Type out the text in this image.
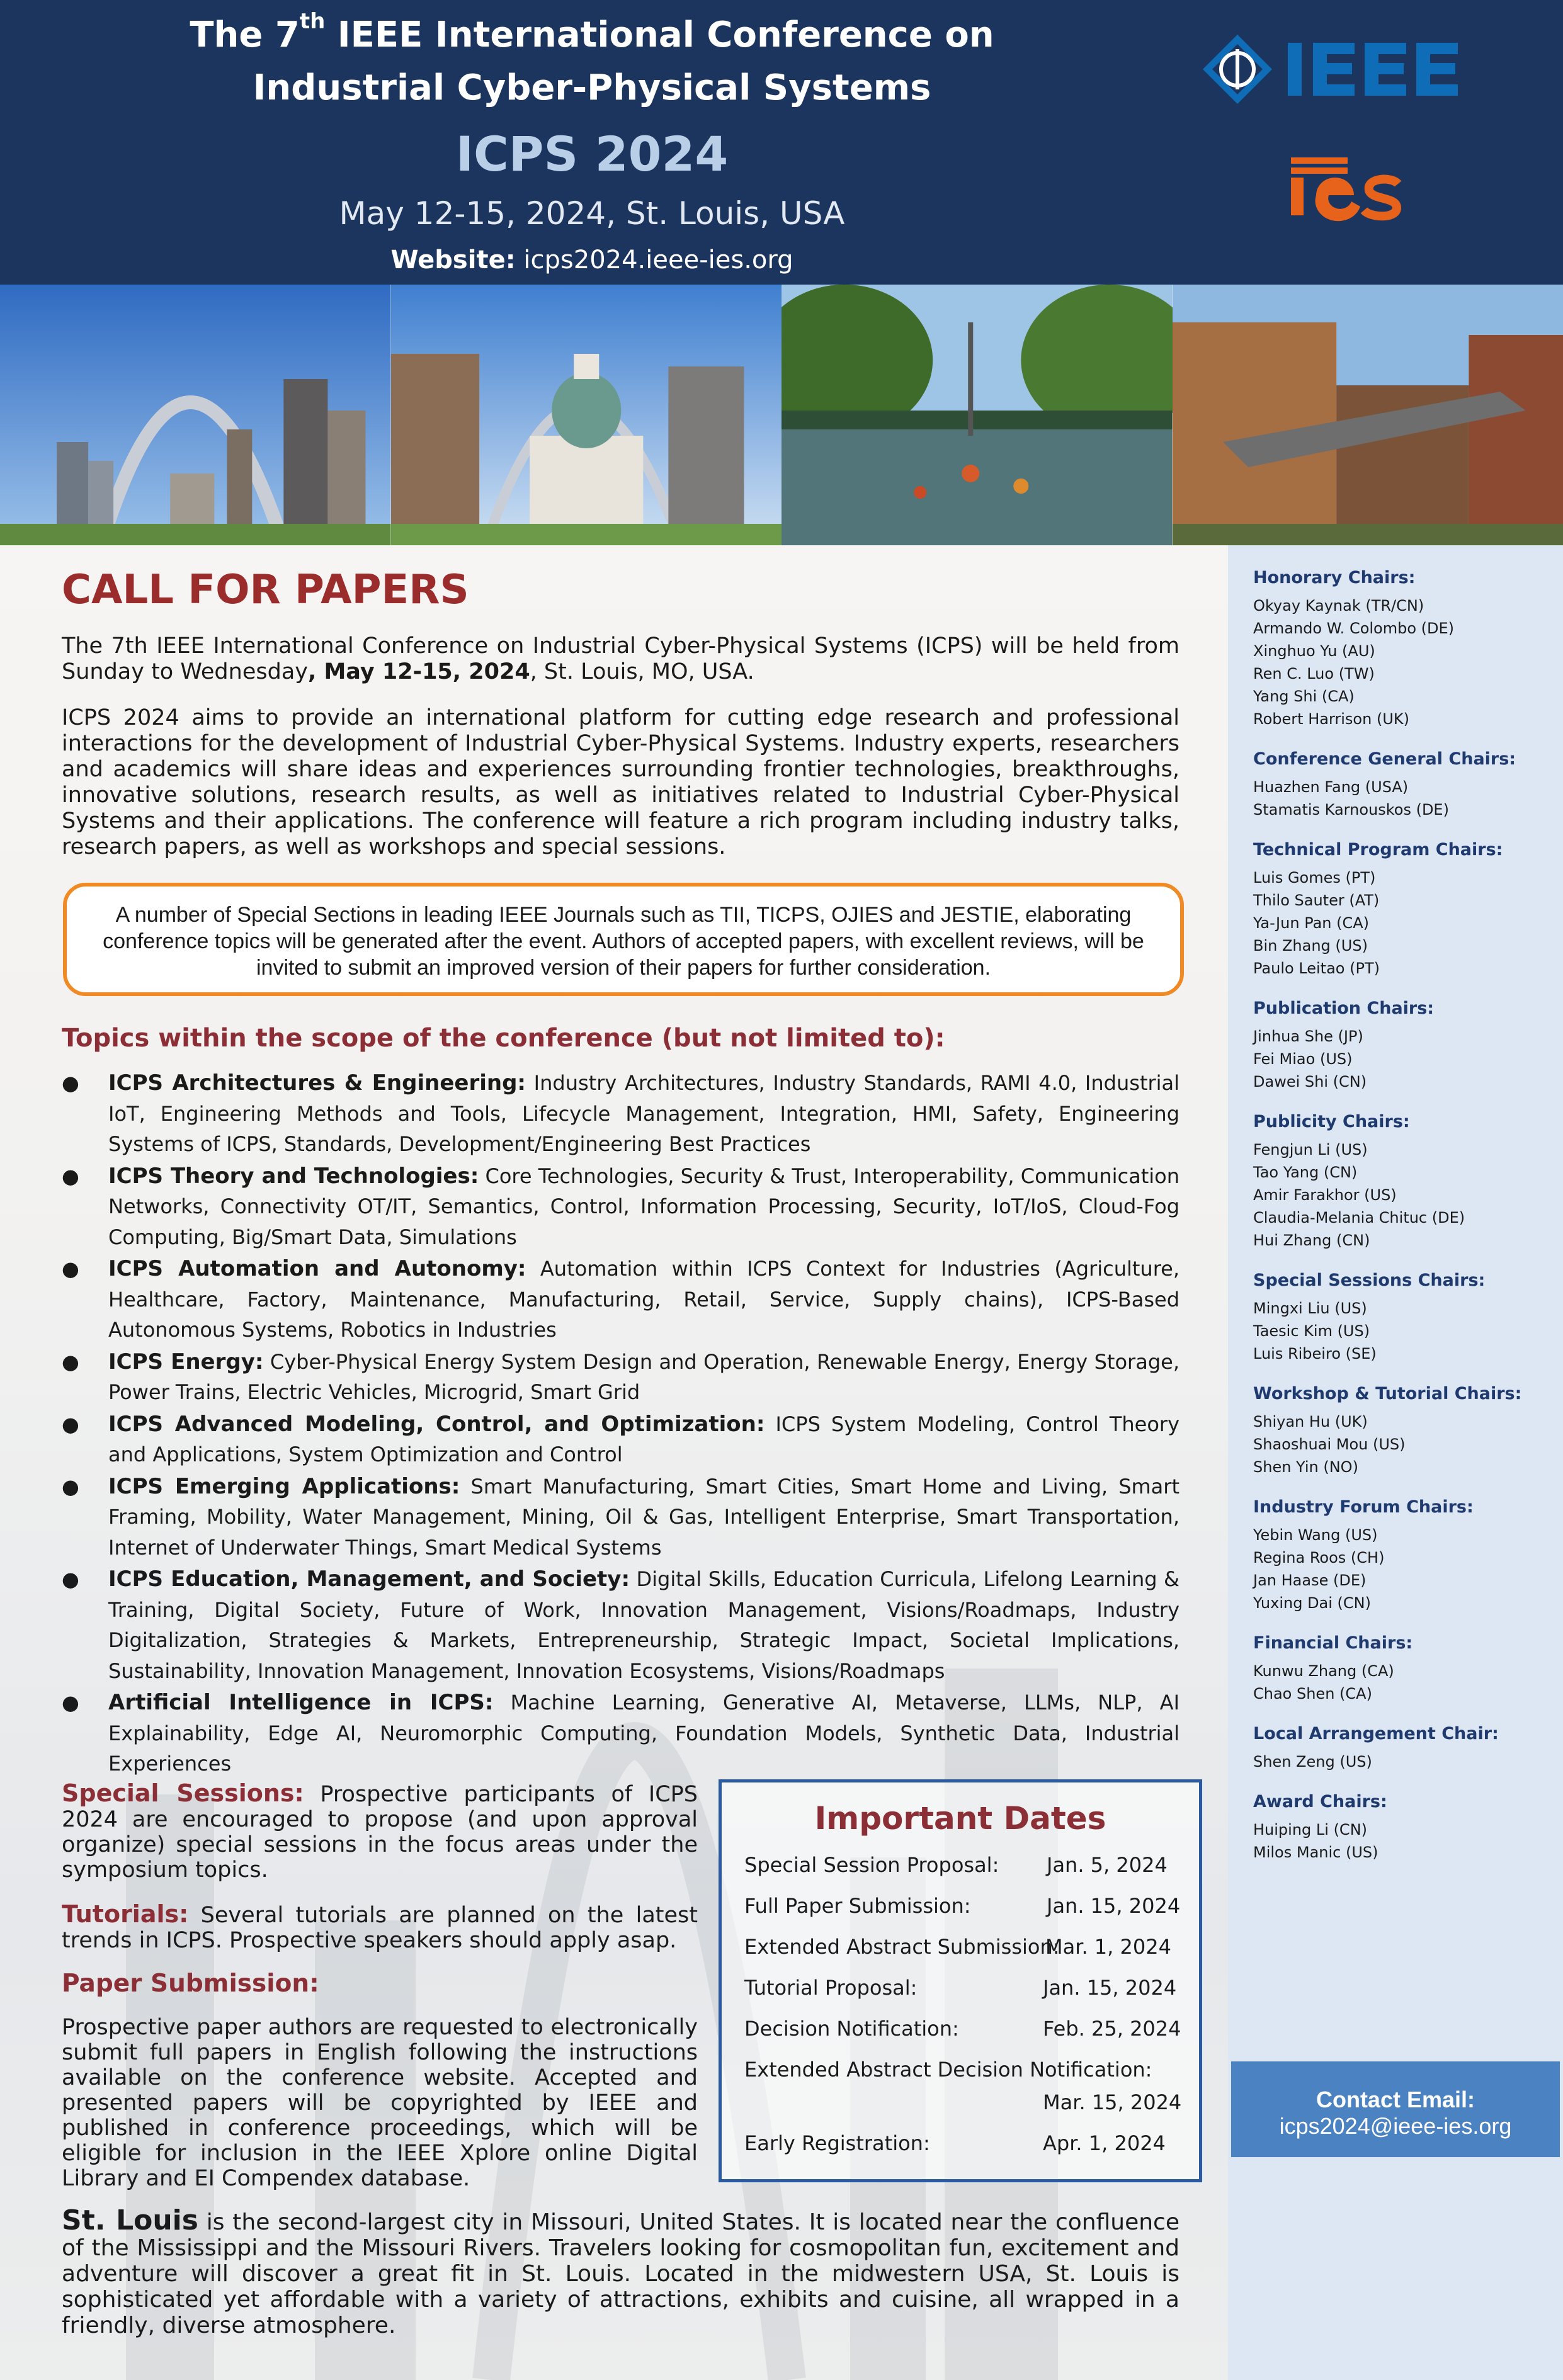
The 7th IEEE International Conference on
Industrial Cyber-Physical Systems
ICPS 2024
May 12-15, 2024, St. Louis, USA
Website: icps2024.ieee-ies.org
CALL FOR PAPERS
The 7th IEEE International Conference on Industrial Cyber-Physical Systems (ICPS) will be held from Sunday to Wednesday, May 12-15, 2024, St. Louis, MO, USA.
ICPS 2024 aims to provide an international platform for cutting edge research and professional interactions for the development of Industrial Cyber-Physical Systems. Industry experts, researchers and academics will share ideas and experiences surrounding frontier technologies, breakthroughs, innovative solutions, research results, as well as initiatives related to Industrial Cyber-Physical Systems and their applications. The conference will feature a rich program including industry talks, research papers, as well as workshops and special sessions.
A number of Special Sections in leading IEEE Journals such as TII, TICPS, OJIES and JESTIE, elaborating conference topics will be generated after the event. Authors of accepted papers, with excellent reviews, will be invited to submit an improved version of their papers for further consideration.
Topics within the scope of the conference (but not limited to):
● ICPS Architectures & Engineering: Industry Architectures, Industry Standards, RAMI 4.0, Industrial IoT, Engineering Methods and Tools, Lifecycle Management, Integration, HMI, Safety, Engineering Systems of ICPS, Standards, Development/Engineering Best Practices
● ICPS Theory and Technologies: Core Technologies, Security & Trust, Interoperability, Communication Networks, Connectivity OT/IT, Semantics, Control, Information Processing, Security, IoT/IoS, Cloud-Fog Computing, Big/Smart Data, Simulations
● ICPS Automation and Autonomy: Automation within ICPS Context for Industries (Agriculture, Healthcare, Factory, Maintenance, Manufacturing, Retail, Service, Supply chains), ICPS-Based Autonomous Systems, Robotics in Industries
● ICPS Energy: Cyber-Physical Energy System Design and Operation, Renewable Energy, Energy Storage, Power Trains, Electric Vehicles, Microgrid, Smart Grid
● ICPS Advanced Modeling, Control, and Optimization: ICPS System Modeling, Control Theory and Applications, System Optimization and Control
● ICPS Emerging Applications: Smart Manufacturing, Smart Cities, Smart Home and Living, Smart Framing, Mobility, Water Management, Mining, Oil & Gas, Intelligent Enterprise, Smart Transportation, Internet of Underwater Things, Smart Medical Systems
● ICPS Education, Management, and Society: Digital Skills, Education Curricula, Lifelong Learning & Training, Digital Society, Future of Work, Innovation Management, Visions/Roadmaps, Industry Digitalization, Strategies & Markets, Entrepreneurship, Strategic Impact, Societal Implications, Sustainability, Innovation Management, Innovation Ecosystems, Visions/Roadmaps
● Artificial Intelligence in ICPS: Machine Learning, Generative AI, Metaverse, LLMs, NLP, AI Explainability, Edge AI, Neuromorphic Computing, Foundation Models, Synthetic Data, Industrial Experiences
Special Sessions: Prospective participants of ICPS 2024 are encouraged to propose (and upon approval organize) special sessions in the focus areas under the symposium topics.
Tutorials: Several tutorials are planned on the latest trends in ICPS. Prospective speakers should apply asap.
Paper Submission:
Prospective paper authors are requested to electronically submit full papers in English following the instructions available on the conference website. Accepted and presented papers will be copyrighted by IEEE and published in conference proceedings, which will be eligible for inclusion in the IEEE Xplore online Digital Library and EI Compendex database.
Important Dates
Special Session Proposal: Jan. 5, 2024
Full Paper Submission:	Jan. 15, 2024
Extended Abstract Submission:
Mar. 1, 2024
Tutorial Proposal:	Jan. 15, 2024
Decision Notification:	Feb. 25, 2024
Extended Abstract Decision Notification:
Mar. 15, 2024
Early Registration:	Apr. 1, 2024
St. Louis is the second-largest city in Missouri, United States. It is located near the confluence of the Mississippi and the Missouri Rivers. Travelers looking for cosmopolitan fun, excitement and adventure will discover a great fit in St. Louis. Located in the midwestern USA, St. Louis is sophisticated yet affordable with a variety of attractions, exhibits and cuisine, all wrapped in a friendly, diverse atmosphere.
Honorary Chairs:
Okyay Kaynak (TR/CN)
Armando W. Colombo (DE)
Xinghuo Yu (AU)
Ren C. Luo (TW)
Yang Shi (CA)
Robert Harrison (UK)
Conference General Chairs:
Huazhen Fang (USA)
Stamatis Karnouskos (DE)
Technical Program Chairs:
Luis Gomes (PT)
Thilo Sauter (AT)
Ya-Jun Pan (CA)
Bin Zhang (US)
Paulo Leitao (PT)
Publication Chairs:
Jinhua She (JP)
Fei Miao (US)
Dawei Shi (CN)
Publicity Chairs:
Fengjun Li (US)
Tao Yang (CN)
Amir Farakhor (US)
Claudia-Melania Chituc (DE)
Hui Zhang (CN)
Special Sessions Chairs:
Mingxi Liu (US)
Taesic Kim (US)
Luis Ribeiro (SE)
Workshop & Tutorial Chairs:
Shiyan Hu (UK)
Shaoshuai Mou (US)
Shen Yin (NO)
Industry Forum Chairs:
Yebin Wang (US)
Regina Roos (CH)
Jan Haase (DE)
Yuxing Dai (CN)
Financial Chairs:
Kunwu Zhang (CA)
Chao Shen (CA)
Local Arrangement Chair:
Shen Zeng (US)
Award Chairs:
Huiping Li (CN)
Milos Manic (US)
Contact Email:
icps2024@ieee-ies.org
